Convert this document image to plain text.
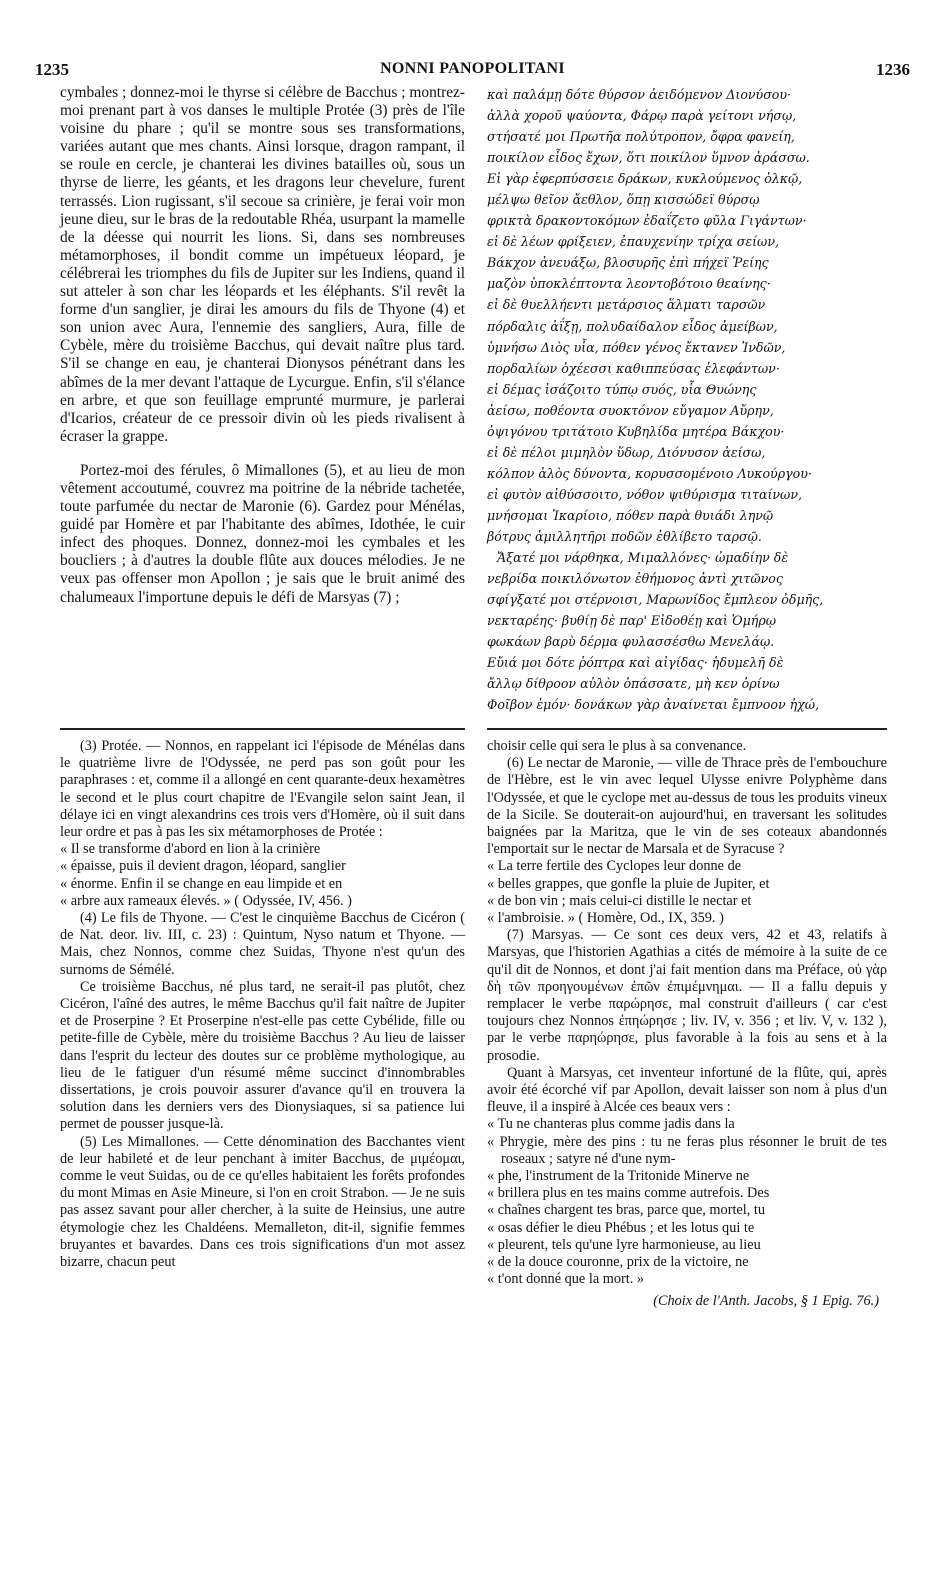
1235	NONNI PANOPOLITANI	1236

cymbales ; donnez-moi le thyrse si célèbre de Bacchus ; montrez-moi prenant part à vos danses le multiple Protée (3) près de l'île voisine du phare ; qu'il se montre sous ses transformations, variées autant que mes chants. Ainsi lorsque, dragon rampant, il se roule en cercle, je chanterai les divines batailles où, sous un thyrse de lierre, les géants, et les dragons leur chevelure, furent terrassés. Lion rugissant, s'il secoue sa crinière, je ferai voir mon jeune dieu, sur le bras de la redoutable Rhéa, usurpant la mamelle de la déesse qui nourrit les lions. Si, dans ses nombreuses métamorphoses, il bondit comme un impétueux léopard, je célébrerai les triomphes du fils de Jupiter sur les Indiens, quand il sut atteler à son char les léopards et les éléphants. S'il revêt la forme d'un sanglier, je dirai les amours du fils de Thyone (4) et son union avec Aura, l'ennemie des sangliers, Aura, fille de Cybèle, mère du troisième Bacchus, qui devait naître plus tard. S'il se change en eau, je chanterai Dionysos pénétrant dans les abîmes de la mer devant l'attaque de Lycurgue. Enfin, s'il s'élance en arbre, et que son feuillage emprunté murmure, je parlerai d'Icarios, créateur de ce pressoir divin où les pieds rivalisent à écraser la grappe.

Portez-moi des férules, ô Mimallones (5), et au lieu de mon vêtement accoutumé, couvrez ma poitrine de la nébride tachetée, toute parfumée du nectar de Maronie (6). Gardez pour Ménélas, guidé par Homère et par l'habitante des abîmes, Idothée, le cuir infect des phoques. Donnez, donnez-moi les cymbales et les boucliers ; à d'autres la double flûte aux douces mélodies. Je ne veux pas offenser mon Apollon ; je sais que le bruit animé des chalumeaux l'importune depuis le défi de Marsyas (7) ;

καὶ παλάμῃ δότε θύρσον ἀειδόμενον Διονύσου·
ἀλλὰ χοροῦ ψαύοντα, Φάρῳ παρὰ γείτονι νήσῳ,
στήσατέ μοι Πρωτῆα πολύτροπον, ὄφρα φανείη,
ποικίλον εἶδος ἔχων, ὅτι ποικίλον ὕμνον ἀράσσω.
Εἰ γὰρ ἐφερπύσσειε δράκων, κυκλούμενος ὁλκῷ,
μέλψω θεῖον ἄεθλον, ὅπῃ κισσώδεϊ θύρσῳ
φρικτὰ δρακοντοκόμων ἐδαΐζετο φῦλα Γιγάντων·
εἰ δὲ λέων φρίξειεν, ἐπαυχενίην τρίχα σείων,
Βάκχον ἀνευάξω, βλοσυρῆς ἐπὶ πήχεϊ Ῥείης
μαζὸν ὑποκλέπτοντα λεοντοβότοιο θεαίνης·
εἰ δὲ θυελλήεντι μετάρσιος ἅλματι ταρσῶν
πόρδαλις ἀΐξῃ, πολυδαίδαλον εἶδος ἀμείβων,
ὑμνήσω Διὸς υἷα, πόθεν γένος ἔκτανεν Ἰνδῶν,
πορδαλίων ὀχέεσσι καθιππεύσας ἐλεφάντων·
εἰ δέμας ἰσάζοιτο τύπῳ συός, υἷα Θυώνης
ἀείσω, ποθέοντα συοκτόνον εὔγαμον Αὔρην,
ὀψιγόνου τριτάτοιο Κυβηλίδα μητέρα Βάκχου·
εἰ δὲ πέλοι μιμηλὸν ὕδωρ, Διόνυσον ἀείσω,
κόλπον ἁλὸς δύνοντα, κορυσσομένοιο Λυκούργου·
εἰ φυτὸν αἰθύσσοιτο, νόθον ψιθύρισμα τιταίνων,
μνήσομαι Ἰκαρίοιο, πόθεν παρὰ θυιάδι ληνῷ
βότρυς ἀμιλλητῆρι ποδῶν ἐθλίβετο ταρσῷ.
Ἄξατέ μοι νάρθηκα, Μιμαλλόνες· ὠμαδίην δὲ
νεβρίδα ποικιλόνωτον ἐθήμονος ἀντὶ χιτῶνος
σφίγξατέ μοι στέρνοισι, Μαρωνίδος ἔμπλεον ὀδμῆς,
νεκταρέης· βυθίῃ δὲ παρ' Εἰδοθέῃ καὶ Ὁμήρῳ
φωκάων βαρὺ δέρμα φυλασσέσθω Μενελάῳ.
Εὔιά μοι δότε ῥόπτρα καὶ αἰγίδας· ἡδυμελῆ δὲ
ἄλλῳ δίθροον αὐλὸν ὀπάσσατε, μὴ κεν ὀρίνω
Φοῖβον ἐμόν· δονάκων γὰρ ἀναίνεται ἔμπνοον ἠχώ,

(3) Protée. — Nonnos, en rappelant ici l'épisode de Ménélas dans le quatrième livre de l'Odyssée, ne perd pas son goût pour les paraphrases : et, comme il a allongé en cent quarante-deux hexamètres le second et le plus court chapitre de l'Evangile selon saint Jean, il délaye ici en vingt alexandrins ces trois vers d'Homère, où il suit dans leur ordre et pas à pas les six métamorphoses de Protée :

« Il se transforme d'abord en lion à la crinière
« épaisse, puis il devient dragon, léopard, sanglier
« énorme. Enfin il se change en eau limpide et en
« arbre aux rameaux élevés. » ( Odyssée, IV, 456. )

(4) Le fils de Thyone. — C'est le cinquième Bacchus de Cicéron ( de Nat. deor. liv. III, c. 23) : Quintum, Nyso natum et Thyone. — Mais, chez Nonnos, comme chez Suidas, Thyone n'est qu'un des surnoms de Sémélé.

Ce troisième Bacchus, né plus tard, ne serait-il pas plutôt, chez Cicéron, l'aîné des autres, le même Bacchus qu'il fait naître de Jupiter et de Proserpine ? Et Proserpine n'est-elle pas cette Cybélide, fille ou petite-fille de Cybèle, mère du troisième Bacchus ? Au lieu de laisser dans l'esprit du lecteur des doutes sur ce problème mythologique, au lieu de le fatiguer d'un résumé même succinct d'innombrables dissertations, je crois pouvoir assurer d'avance qu'il en trouvera la solution dans les derniers vers des Dionysiaques, si sa patience lui permet de pousser jusque-là.

(5) Les Mimallones. — Cette dénomination des Bacchantes vient de leur habileté et de leur penchant à imiter Bacchus, de μιμέομαι, comme le veut Suidas, ou de ce qu'elles habitaient les forêts profondes du mont Mimas en Asie Mineure, si l'on en croit Strabon. — Je ne suis pas assez savant pour aller chercher, à la suite de Heinsius, une autre étymologie chez les Chaldéens. Memalleton, dit-il, signifie femmes bruyantes et bavardes. Dans ces trois significations d'un mot assez bizarre, chacun peut

choisir celle qui sera le plus à sa convenance.

(6) Le nectar de Maronie, — ville de Thrace près de l'embouchure de l'Hèbre, est le vin avec lequel Ulysse enivre Polyphème dans l'Odyssée, et que le cyclope met au-dessus de tous les produits vineux de la Sicile. Se douterait-on aujourd'hui, en traversant les solitudes baignées par la Maritza, que le vin de ses coteaux abandonnés l'emportait sur le nectar de Marsala et de Syracuse ?

« La terre fertile des Cyclopes leur donne de
« belles grappes, que gonfle la pluie de Jupiter, et
« de bon vin ; mais celui-ci distille le nectar et
« l'ambroisie. » ( Homère, Od., IX, 359. )

(7) Marsyas. — Ce sont ces deux vers, 42 et 43, relatifs à Marsyas, que l'historien Agathias a cités de mémoire à la suite de ce qu'il dit de Nonnos, et dont j'ai fait mention dans ma Préface, οὐ γὰρ δὴ τῶν προηγουμένων ἐπῶν ἐπιμέμνημαι. — Il a fallu depuis y remplacer le verbe παρώρησε, mal construit d'ailleurs ( car c'est toujours chez Nonnos ἐπηώρησε ; liv. IV, v. 356 ; et liv. V, v. 132 ), par le verbe παρηώρησε, plus favorable à la fois au sens et à la prosodie.

Quant à Marsyas, cet inventeur infortuné de la flûte, qui, après avoir été écorché vif par Apollon, devait laisser son nom à plus d'un fleuve, il a inspiré à Alcée ces beaux vers :

« Tu ne chanteras plus comme jadis dans la
« Phrygie, mère des pins : tu ne feras plus résonner le bruit de tes roseaux ; satyre né d'une nym-
« phe, l'instrument de la Tritonide Minerve ne
« brillera plus en tes mains comme autrefois. Des
« chaînes chargent tes bras, parce que, mortel, tu
« osas défier le dieu Phébus ; et les lotus qui te
« pleurent, tels qu'une lyre harmonieuse, au lieu
« de la douce couronne, prix de la victoire, ne
« t'ont donné que la mort. »
(Choix de l'Anth. Jacobs, § 1 Epig. 76.)
